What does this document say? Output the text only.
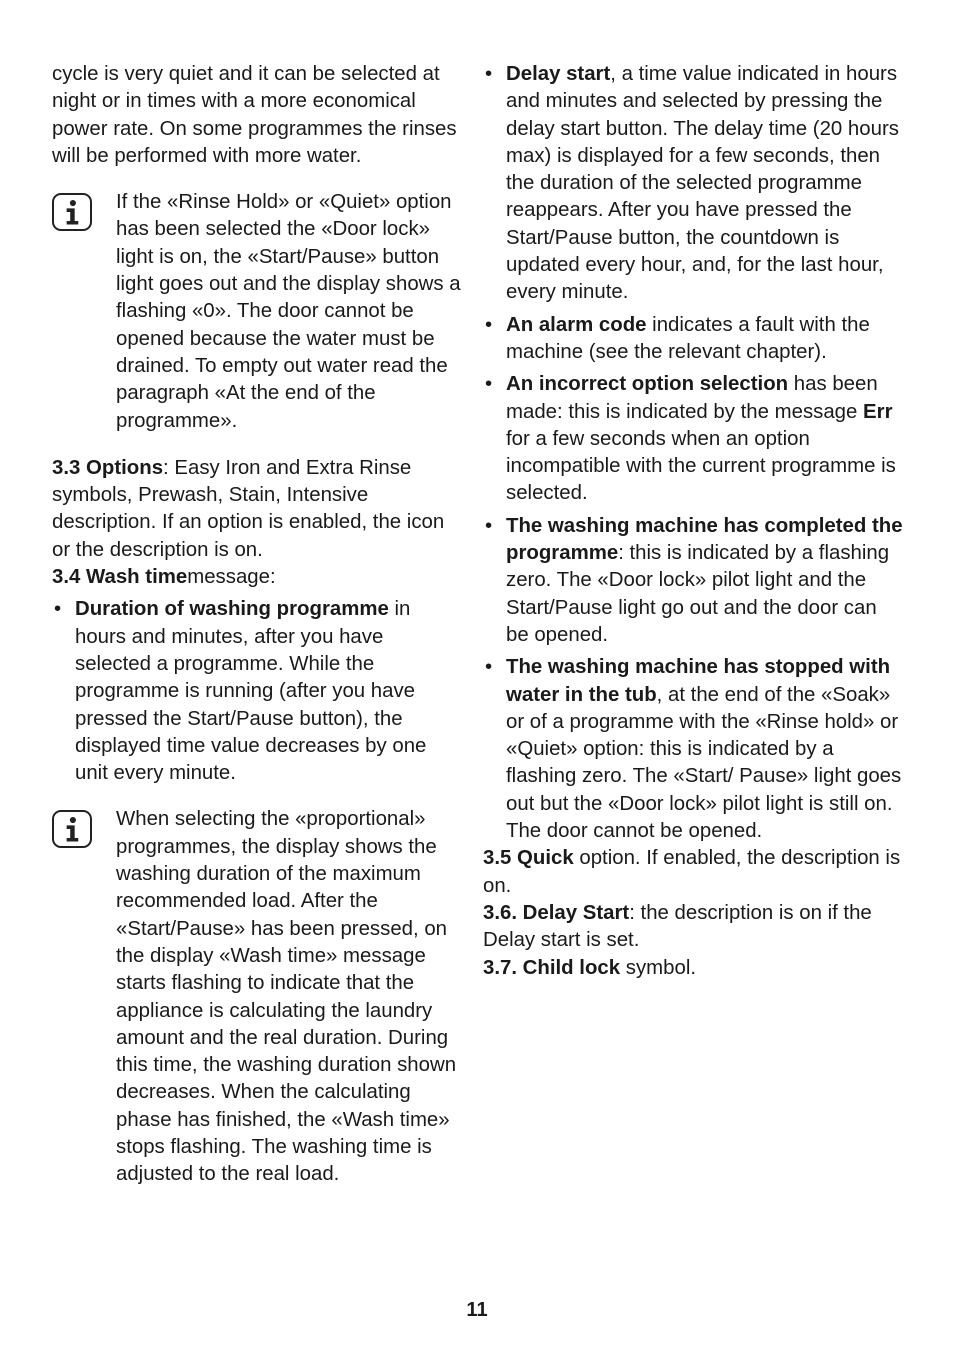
cycle is very quiet and it can be selected at night or in times with a more economical power rate. On some programmes the rinses will be performed with more water.

If the «Rinse Hold» or «Quiet» option has been selected the «Door lock» light is on, the «Start/Pause» button light goes out and the display shows a flashing «0». The door cannot be opened because the water must be drained. To empty out water read the paragraph «At the end of the programme».

3.3 Options: Easy Iron and Extra Rinse symbols, Prewash, Stain, Intensive description. If an option is enabled, the icon or the description is on.

3.4 Wash timemessage:

• Duration of washing programme in hours and minutes, after you have selected a programme. While the programme is running (after you have pressed the Start/Pause button), the displayed time value decreases by one unit every minute.

When selecting the «proportional» programmes, the display shows the washing duration of the maximum recommended load. After the «Start/Pause» has been pressed, on the display «Wash time» message starts flashing to indicate that the appliance is calculating the laundry amount and the real duration. During this time, the washing duration shown decreases. When the calculating phase has finished, the «Wash time» stops flashing. The washing time is adjusted to the real load.

• Delay start, a time value indicated in hours and minutes and selected by pressing the delay start button. The delay time (20 hours max) is displayed for a few seconds, then the duration of the selected programme reappears. After you have pressed the Start/Pause button, the countdown is updated every hour, and, for the last hour, every minute.
• An alarm code indicates a fault with the machine (see the relevant chapter).
• An incorrect option selection has been made: this is indicated by the message Err for a few seconds when an option incompatible with the current programme is selected.
• The washing machine has completed the programme: this is indicated by a flashing zero. The «Door lock» pilot light and the Start/Pause light go out and the door can be opened.
• The washing machine has stopped with water in the tub, at the end of the «Soak» or of a programme with the «Rinse hold» or «Quiet» option: this is indicated by a flashing zero. The «Start/ Pause» light goes out but the «Door lock» pilot light is still on. The door cannot be opened.

3.5 Quick option. If enabled, the description is on.

3.6. Delay Start: the description is on if the Delay start is set.

3.7. Child lock symbol.

11
